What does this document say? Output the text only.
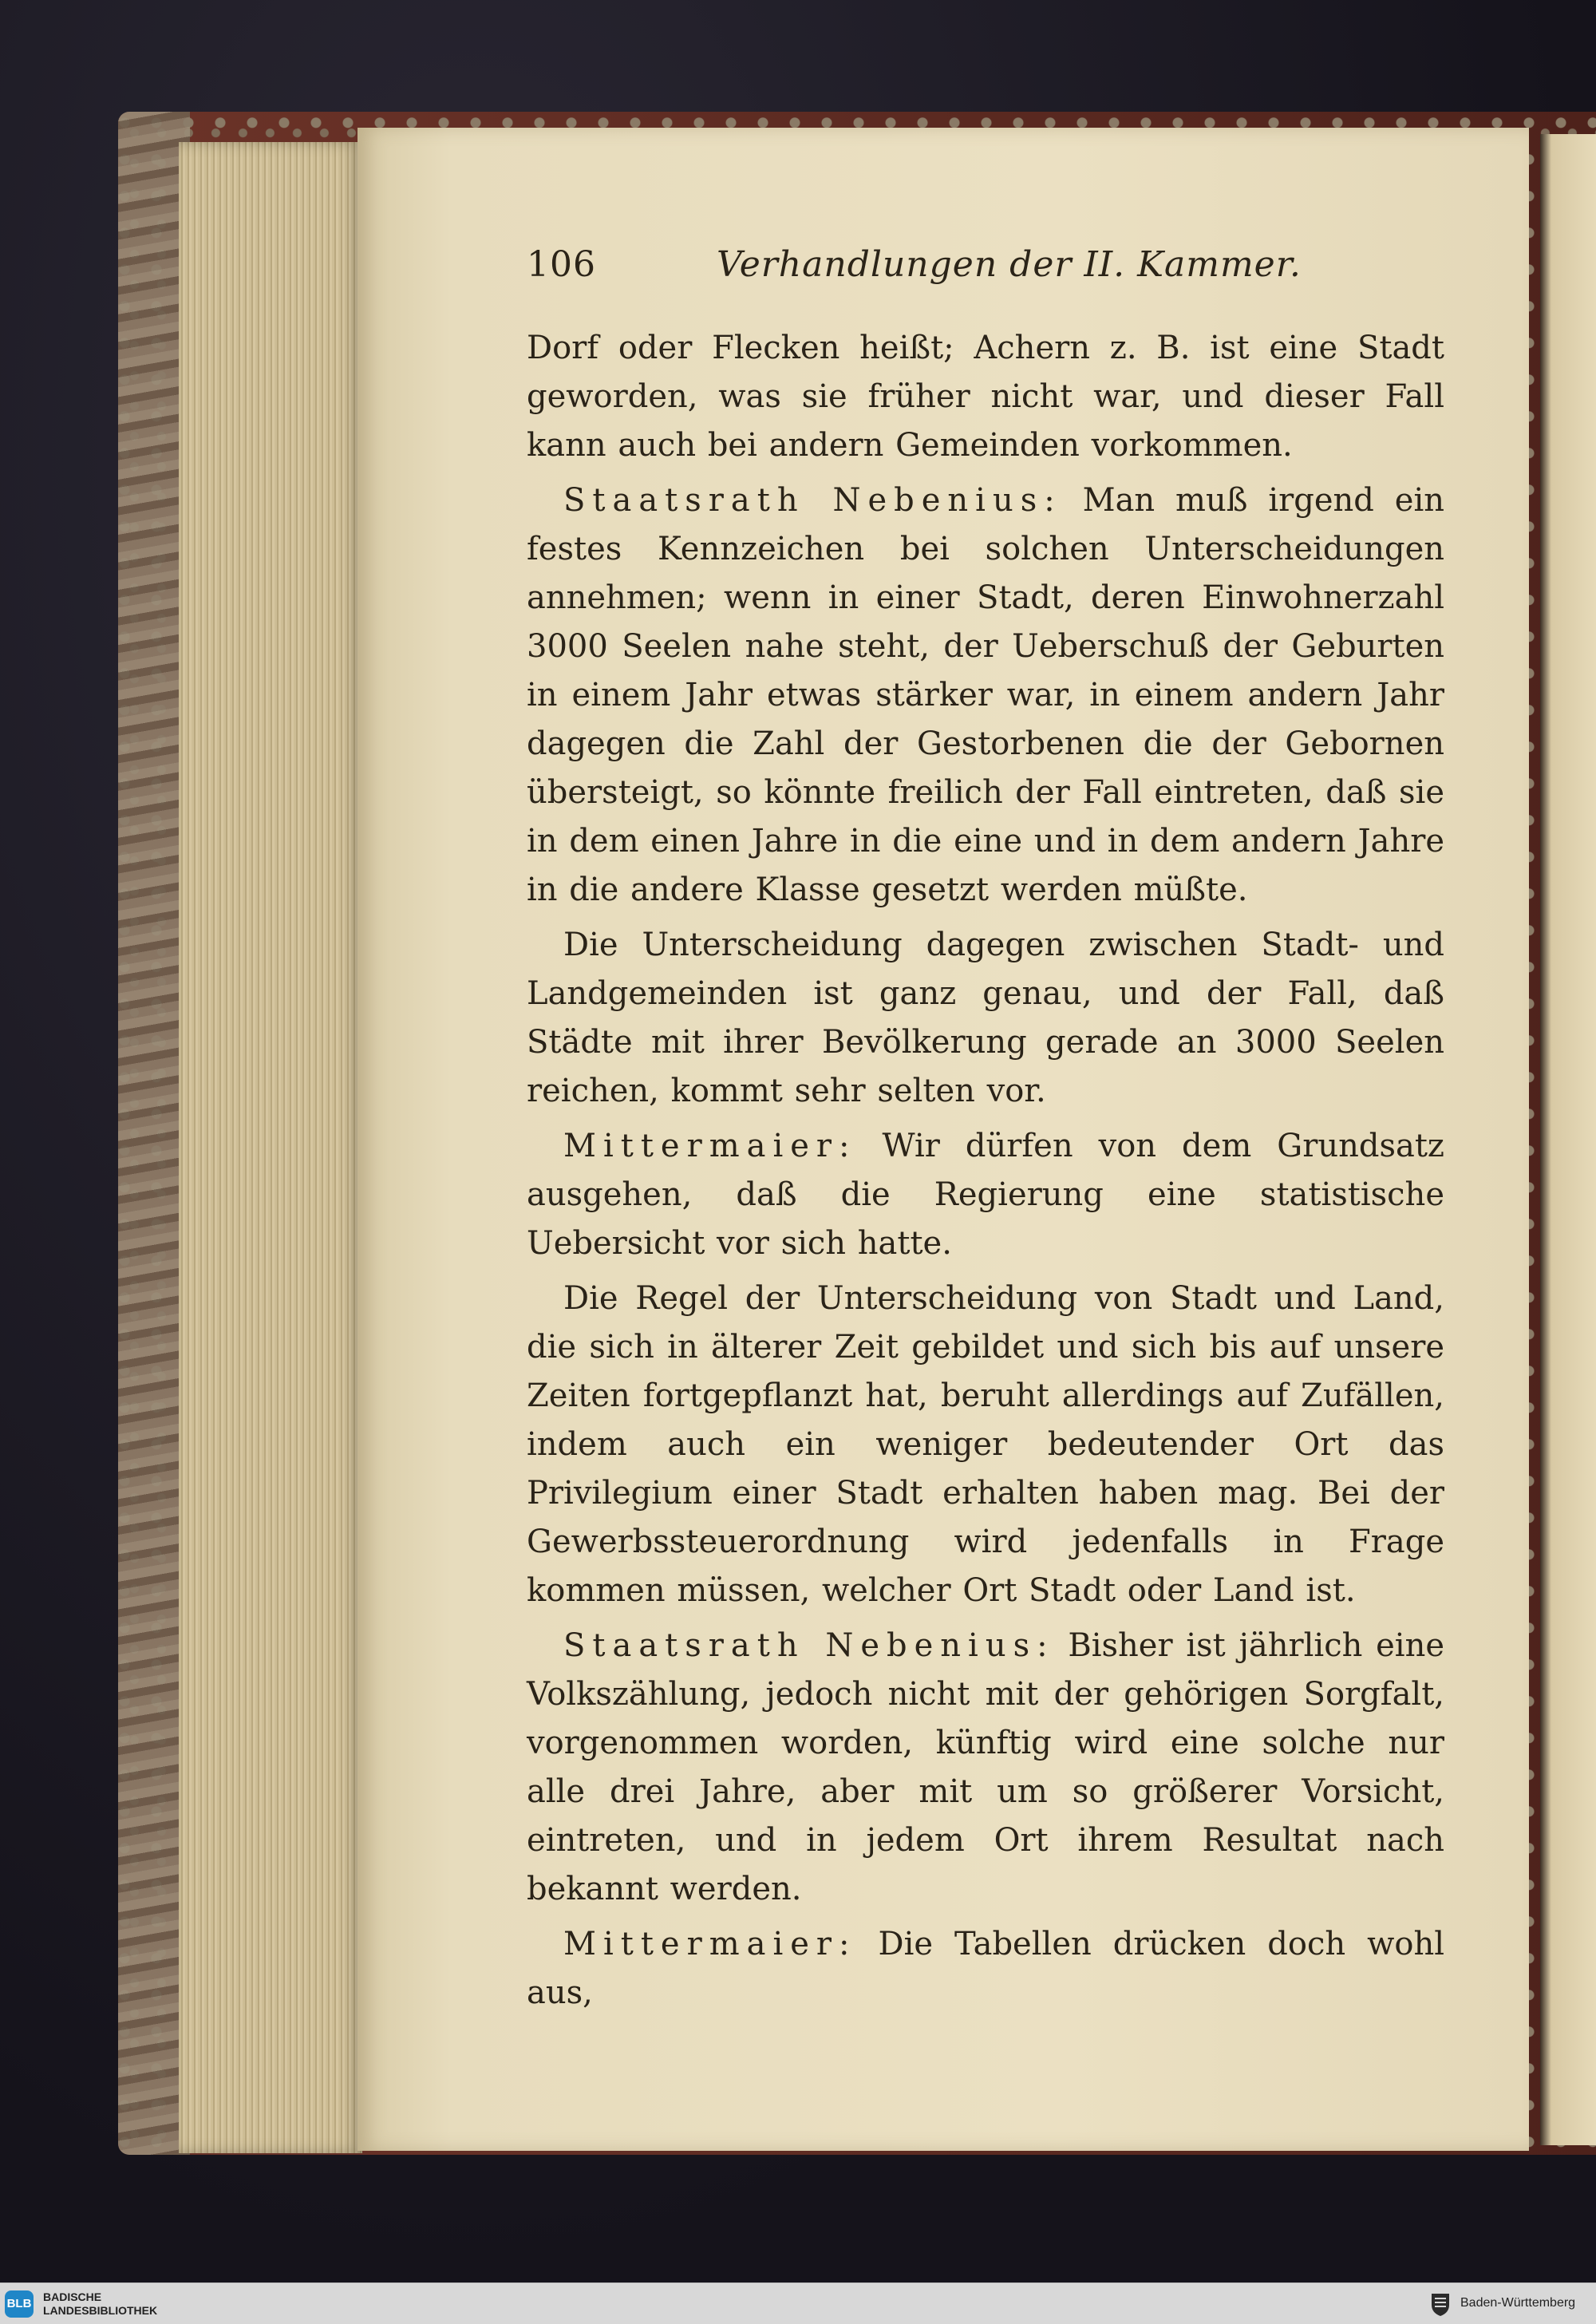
106	Verhandlungen der II. Kammer.

Dorf oder Flecken heißt; Achern z. B. ist eine Stadt geworden, was sie früher nicht war, und dieser Fall kann auch bei andern Gemeinden vorkommen.

Staatsrath Nebenius: Man muß irgend ein festes Kennzeichen bei solchen Unterscheidungen annehmen; wenn in einer Stadt, deren Einwohnerzahl 3000 Seelen nahe steht, der Ueberschuß der Geburten in einem Jahr etwas stärker war, in einem andern Jahr dagegen die Zahl der Gestorbenen die der Gebornen übersteigt, so könnte freilich der Fall eintreten, daß sie in dem einen Jahre in die eine und in dem andern Jahre in die andere Klasse gesetzt werden müßte.

Die Unterscheidung dagegen zwischen Stadt- und Landgemeinden ist ganz genau, und der Fall, daß Städte mit ihrer Bevölkerung gerade an 3000 Seelen reichen, kommt sehr selten vor.

Mittermaier: Wir dürfen von dem Grundsatz ausgehen, daß die Regierung eine statistische Uebersicht vor sich hatte.

Die Regel der Unterscheidung von Stadt und Land, die sich in älterer Zeit gebildet und sich bis auf unsere Zeiten fortgepflanzt hat, beruht allerdings auf Zufällen, indem auch ein weniger bedeutender Ort das Privilegium einer Stadt erhalten haben mag. Bei der Gewerbssteuerordnung wird jedenfalls in Frage kommen müssen, welcher Ort Stadt oder Land ist.

Staatsrath Nebenius: Bisher ist jährlich eine Volkszählung, jedoch nicht mit der gehörigen Sorgfalt, vorgenommen worden, künftig wird eine solche nur alle drei Jahre, aber mit um so größerer Vorsicht, eintreten, und in jedem Ort ihrem Resultat nach bekannt werden.

Mittermaier: Die Tabellen drücken doch wohl aus,

BLB BADISCHE
LANDESBIBLIOTHEK
Baden-Württemberg
